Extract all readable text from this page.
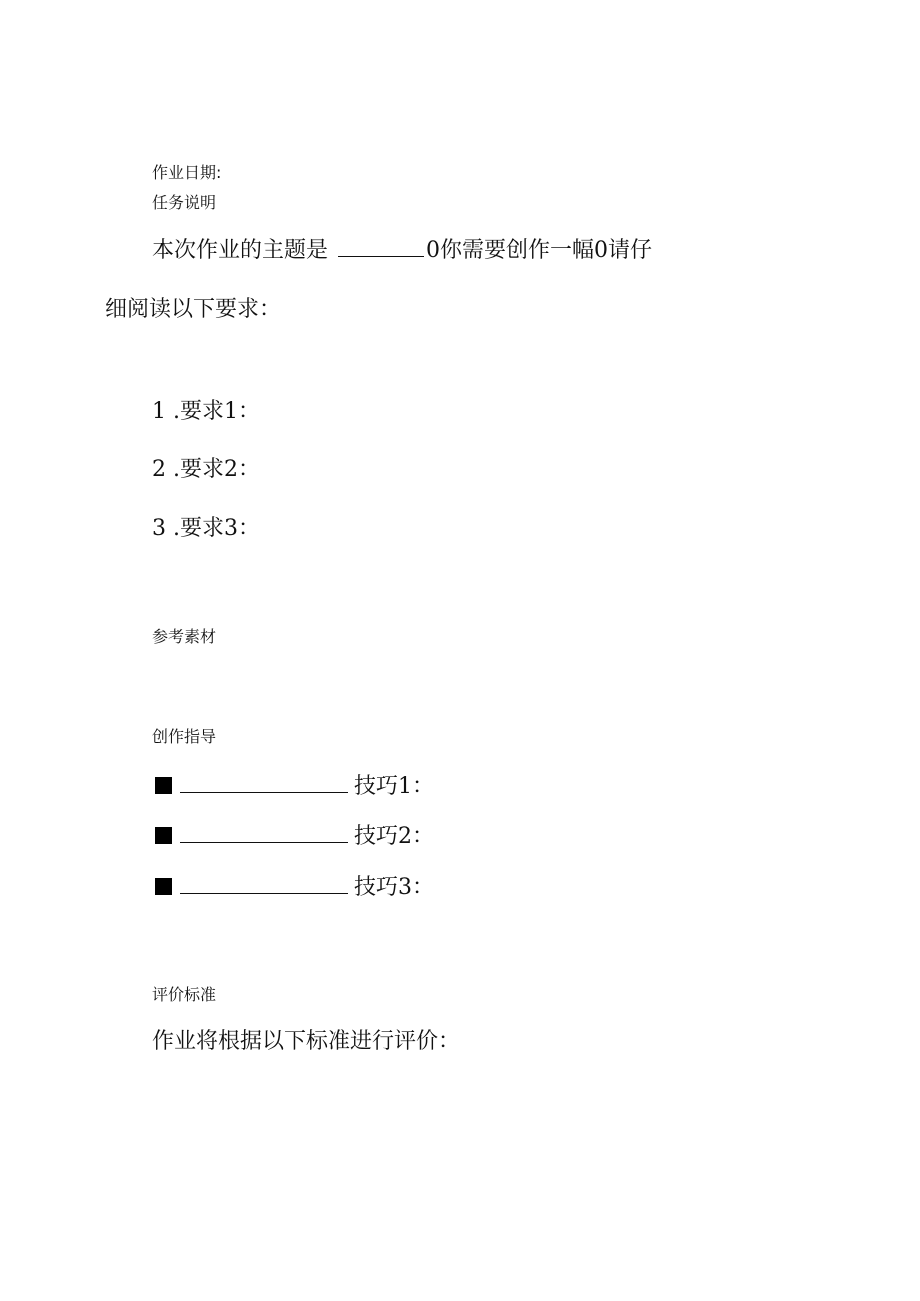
作业日期:
任务说明
本次作业的主题是	0你需要创作一幅0请仔
细阅读以下要求：
1 .要求1：
2 .要求2：
3 .要求3：
参考素材
创作指导
技巧1：
技巧2：
技巧3：
评价标准
作业将根据以下标准进行评价：
